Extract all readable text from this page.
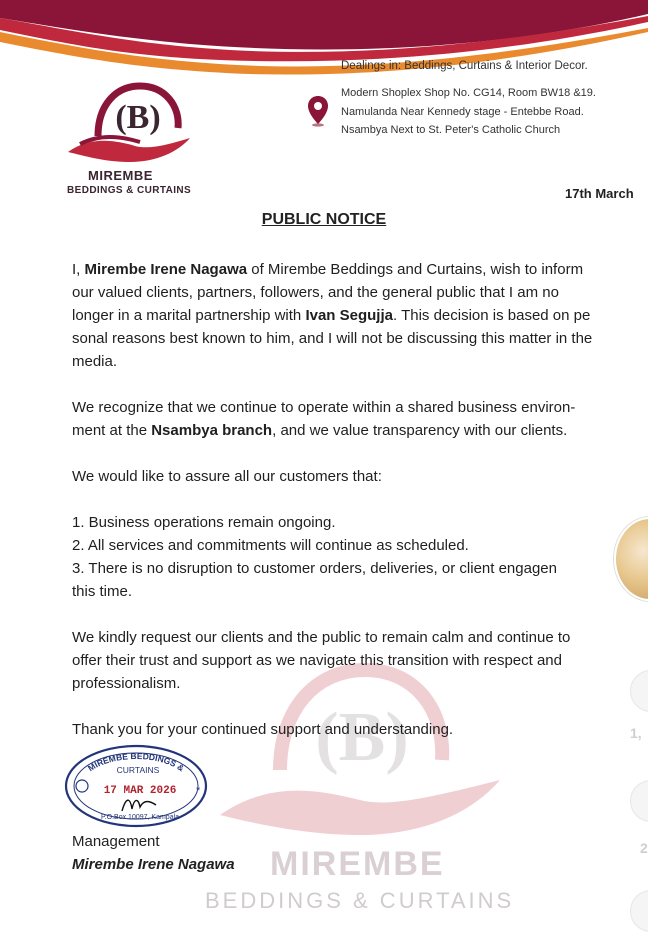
(B)
MIREMBE
BEDDINGS & CURTAINS
Dealings in: Beddings, Curtains & Interior Decor.
Modern Shoplex Shop No. CG14, Room BW18 &19.
Namulanda Near Kennedy stage - Entebbe Road.
Nsambya Next to St. Peter's Catholic Church
17th March
PUBLIC NOTICE
(B)
MIREMBE
BEDDINGS & CURTAINS

I, Mirembe Irene Nagawa of Mirembe Beddings and Curtains, wish to inform

our valued clients, partners, followers, and the general public that I am no

longer in a marital partnership with Ivan Segujja. This decision is based on pe

sonal reasons best known to him, and I will not be discussing this matter in the

media.

We recognize that we continue to operate within a shared business environ-

ment at the Nsambya branch, and we value transparency with our clients.

We would like to assure all our customers that:

1. Business operations remain ongoing.

2. All services and commitments will continue as scheduled.

3. There is no disruption to customer orders, deliveries, or client engagen

this time.

We kindly request our clients and the public to remain calm and continue to

offer their trust and support as we navigate this transition with respect and

professionalism.

Thank you for your continued support and understanding.

MIREMBE BEDDINGS &
CURTAINS
17 MAR 2026 *
P.O.Box 10097, Kampala
Management
Mirembe Irene Nagawa
1,
2
